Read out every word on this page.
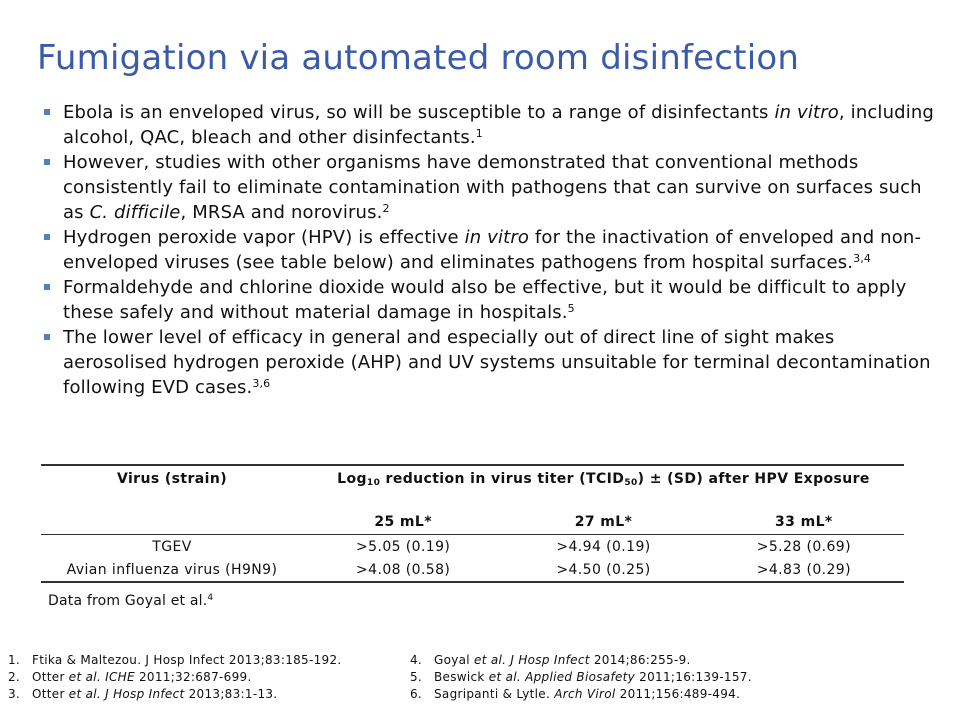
Fumigation via automated room disinfection
Ebola is an enveloped virus, so will be susceptible to a range of disinfectants in vitro, including alcohol, QAC, bleach and other disinfectants.$^1$
However, studies with other organisms have demonstrated that conventional methods consistently fail to eliminate contamination with pathogens that can survive on surfaces such as C. difficile, MRSA and norovirus.$^2$
Hydrogen peroxide vapor (HPV) is effective in vitro for the inactivation of enveloped and non-enveloped viruses (see table below) and eliminates pathogens from hospital surfaces.$^{3,4}$
Formaldehyde and chlorine dioxide would also be effective, but it would be difficult to apply these safely and without material damage in hospitals.$^5$
The lower level of efficacy in general and especially out of direct line of sight makes aerosolised hydrogen peroxide (AHP) and UV systems unsuitable for terminal decontamination following EVD cases.$^{3,6}$
Virus (strain)	Log$_{10}$ reduction in virus titer $(TCID_{50}) \pm (SD)$ after HPV Exposure		
	25 mL*	27 mL*	33 mL*
TGEV	>5.05 (0.19)	>4.94 (0.19)	>5.28 (0.69)
Avian influenza virus (H9N9)	>4.08 (0.58)	>4.50 (0.25)	>4.83 (0.29)
Data from Goyal et al.$^4$
1. Ftika & Maltezou. J Hosp Infect 2013;83:185-192.
2. Otter et al. ICHE 2011;32:687-699.
3. Otter et al. J Hosp Infect 2013;83:1-13.
4. Goyal et al. J Hosp Infect 2014;86:255-9.
5. Beswick et al. Applied Biosafety 2011;16:139-157.
6. Sagripanti & Lytle. Arch Virol 2011;156:489-494.
